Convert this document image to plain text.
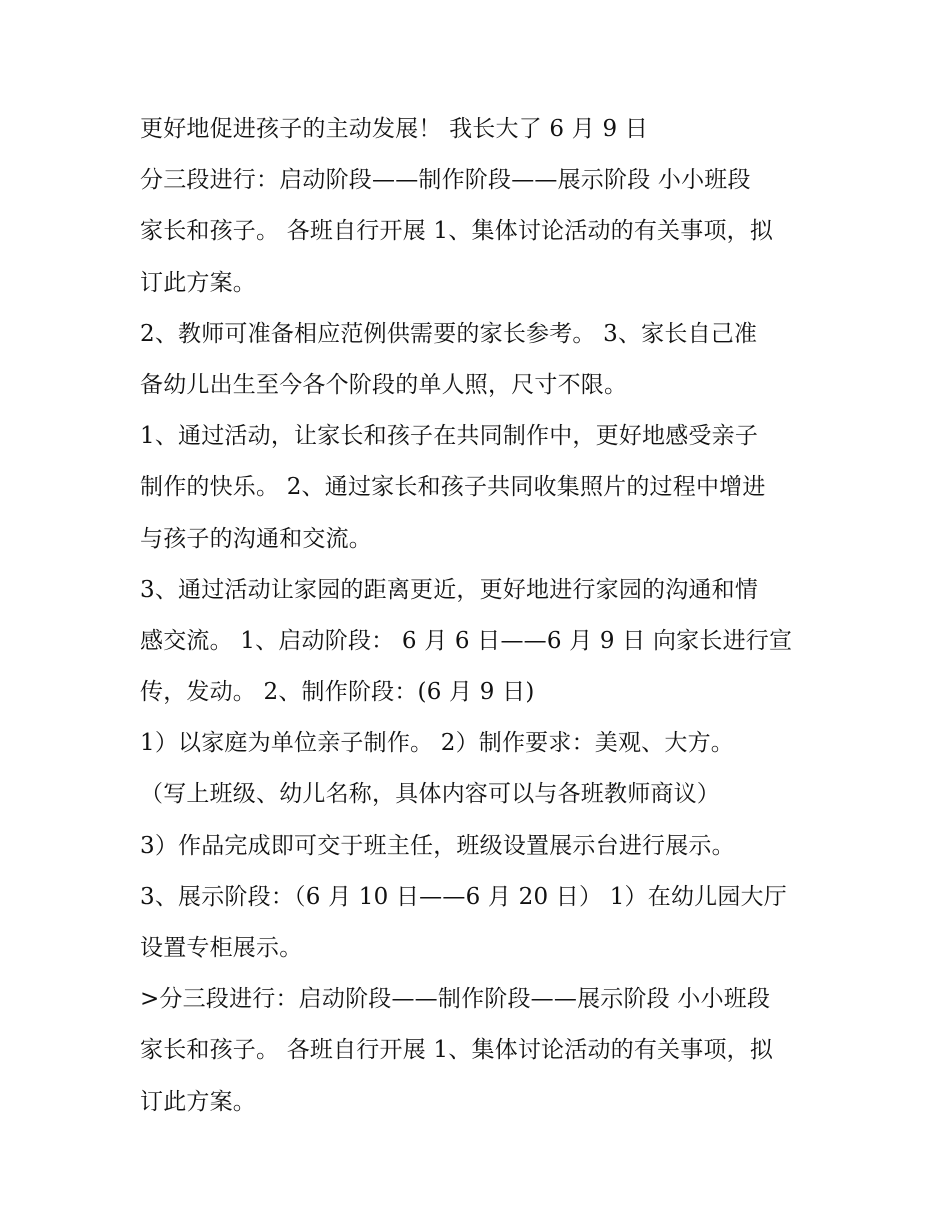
更好地促进孩子的主动发展！ 我长大了 6 月 9 日
分三段进行：启动阶段——制作阶段——展示阶段 小小班段
家长和孩子。 各班自行开展 1、集体讨论活动的有关事项，拟
订此方案。
2、教师可准备相应范例供需要的家长参考。 3、家长自己准
备幼儿出生至今各个阶段的单人照，尺寸不限。
1、通过活动，让家长和孩子在共同制作中，更好地感受亲子
制作的快乐。 2、通过家长和孩子共同收集照片的过程中增进
与孩子的沟通和交流。
3、通过活动让家园的距离更近，更好地进行家园的沟通和情
感交流。 1、启动阶段： 6 月 6 日——6 月 9 日 向家长进行宣
传，发动。 2、制作阶段：(6 月 9 日)
1）以家庭为单位亲子制作。 2）制作要求：美观、大方。
（写上班级、幼儿名称，具体内容可以与各班教师商议）
3）作品完成即可交于班主任，班级设置展示台进行展示。
3、展示阶段：（6 月 10 日——6 月 20 日） 1）在幼儿园大厅
设置专柜展示。
>分三段进行：启动阶段——制作阶段——展示阶段 小小班段
家长和孩子。 各班自行开展 1、集体讨论活动的有关事项，拟
订此方案。
